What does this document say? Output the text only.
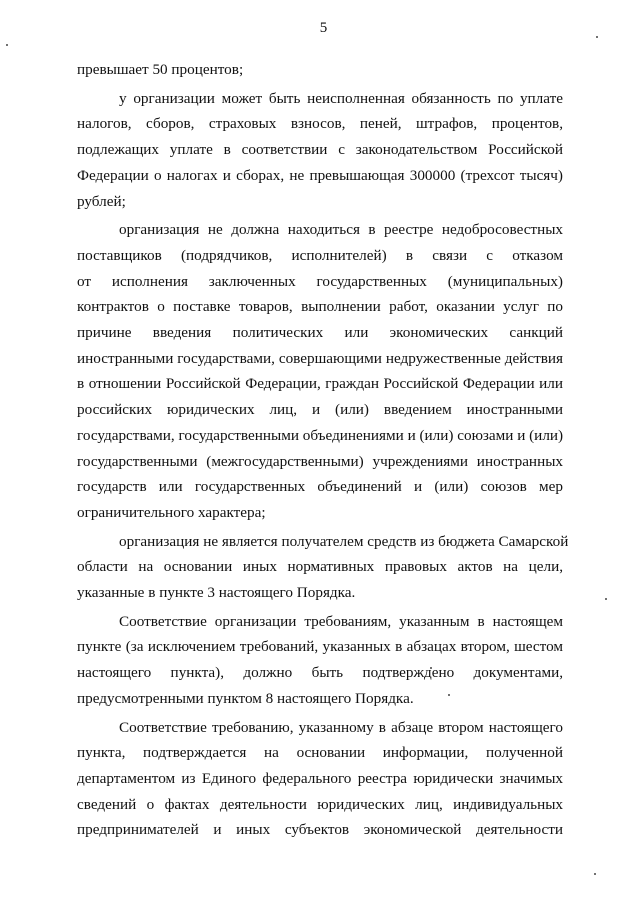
5

превышает 50 процентов;

у организации может быть неисполненная обязанность по уплате
налогов, сборов, страховых взносов, пеней, штрафов, процентов,
подлежащих уплате в соответствии с законодательством Российской
Федерации о налогах и сборах, не превышающая 300000 (трехсот тысяч)
рублей;

организация не должна находиться в реестре недобросовестных
поставщиков (подрядчиков, исполнителей) в связи с отказом
от исполнения заключенных государственных (муниципальных)
контрактов о поставке товаров, выполнении работ, оказании услуг по
причине введения политических или экономических санкций
иностранными государствами, совершающими недружественные действия
в отношении Российской Федерации, граждан Российской Федерации или
российских юридических лиц, и (или) введением иностранными
государствами, государственными объединениями и (или) союзами и (или)
государственными (межгосударственными) учреждениями иностранных
государств или государственных объединений и (или) союзов мер
ограничительного характера;

организация не является получателем средств из бюджета Самарской
области на основании иных нормативных правовых актов на цели,
указанные в пункте 3 настоящего Порядка.

Соответствие организации требованиям, указанным в настоящем
пункте (за исключением требований, указанных в абзацах втором, шестом
настоящего пункта), должно быть подтверждено документами,
предусмотренными пунктом 8 настоящего Порядка.

Соответствие требованию, указанному в абзаце втором настоящего
пункта, подтверждается на основании информации, полученной
департаментом из Единого федерального реестра юридически значимых
сведений о фактах деятельности юридических лиц, индивидуальных
предпринимателей и иных субъектов экономической деятельности
